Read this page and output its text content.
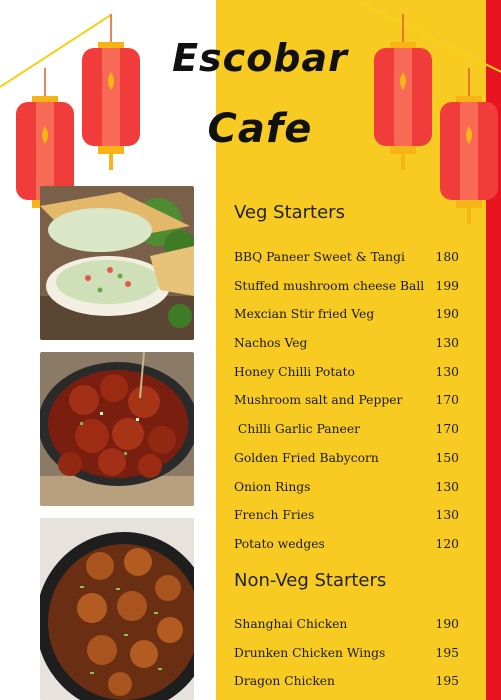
Escobar
Cafe
Veg Starters
BBQ Paneer Sweet & Tangi 180
Stuffed mushroom cheese Ball 199
Mexcian Stir fried Veg	190
Nachos Veg	130
Honey Chilli Potato	130
Mushroom salt and Pepper	170
Chilli Garlic Paneer	170
Golden Fried Babycorn	150
Onion Rings	130
French Fries	130
Potato wedges	120
Non-Veg Starters
Shanghai Chicken	190
Drunken Chicken Wings	195
Dragon Chicken	195
